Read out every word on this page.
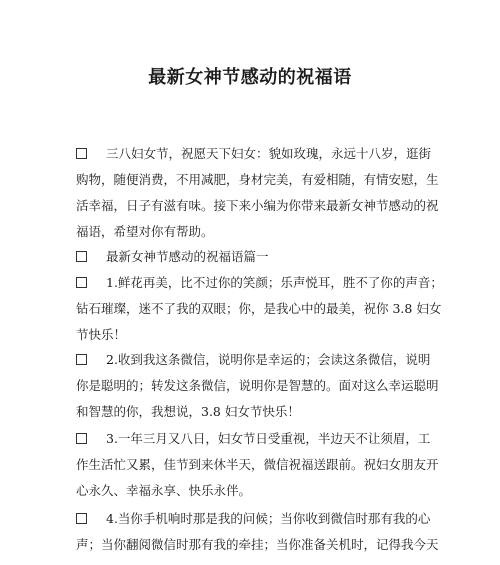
最新女神节感动的祝福语
三八妇女节，祝愿天下妇女：貌如玫瑰，永远十八岁，逛街
购物，随便消费，不用减肥，身材完美，有爱相随，有情安慰，生
活幸福，日子有滋有味。接下来小编为你带来最新女神节感动的祝
福语，希望对你有帮助。
最新女神节感动的祝福语篇一
1.鲜花再美，比不过你的笑颜；乐声悦耳，胜不了你的声音；
钻石璀璨，迷不了我的双眼；你，是我心中的最美，祝你 3.8 妇女
节快乐！
2.收到我这条微信，说明你是幸运的；会读这条微信，说明
你是聪明的；转发这条微信，说明你是智慧的。面对这么幸运聪明
和智慧的你，我想说，3.8 妇女节快乐！
3.一年三月又八日，妇女节日受重视，半边天不让须眉，工
作生活忙又累，佳节到来休半天，微信祝福送跟前。祝妇女朋友开
心永久、幸福永享、快乐永伴。
4.当你手机响时那是我的问候；当你收到微信时那有我的心
声；当你翻阅微信时那有我的牵挂；当你准备关机时，记得我今天
